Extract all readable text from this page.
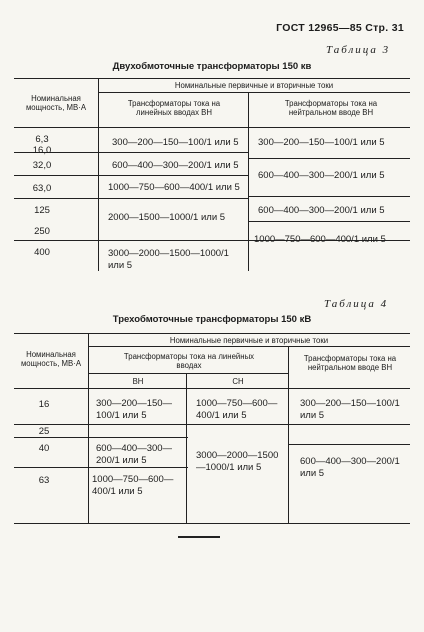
ГОСТ 12965—85 Стр. 31
Таблица 3
Двухобмоточные трансформаторы 150 кв
Номинальная мощность, МВ·А
Номинальные первичные и вторичные токи
Трансформаторы тока на линейных вводах ВН
Трансформаторы тока на нейтральном вводе ВН
6,3
16,0
32,0
63,0
125
250
400
300—200—150—100/1 или 5
600—400—300—200/1 или 5
1000—750—600—400/1 или 5
2000—1500—1000/1 или 5
3000—2000—1500—1000/1 или 5
300—200—150—100/1 или 5
600—400—300—200/1 или 5
600—400—300—200/1 или 5
1000—750—600—400/1 или 5
Таблица 4
Трехобмоточные трансформаторы 150 кВ
Номинальная мощность, МВ·А
Номинальные первичные и вторичные токи
Трансформаторы тока на линейных вводах
ВН	СН
Трансформаторы тока на нейтральном вводе ВН
16
25
40
63
300—200—150—100/1 или 5
600—400—300—200/1 или 5
1000—750—600—400/1 или 5
1000—750—600—400/1 или 5
3000—2000—1500—1000/1 или 5
300—200—150—100/1 или 5
600—400—300—200/1 или 5
